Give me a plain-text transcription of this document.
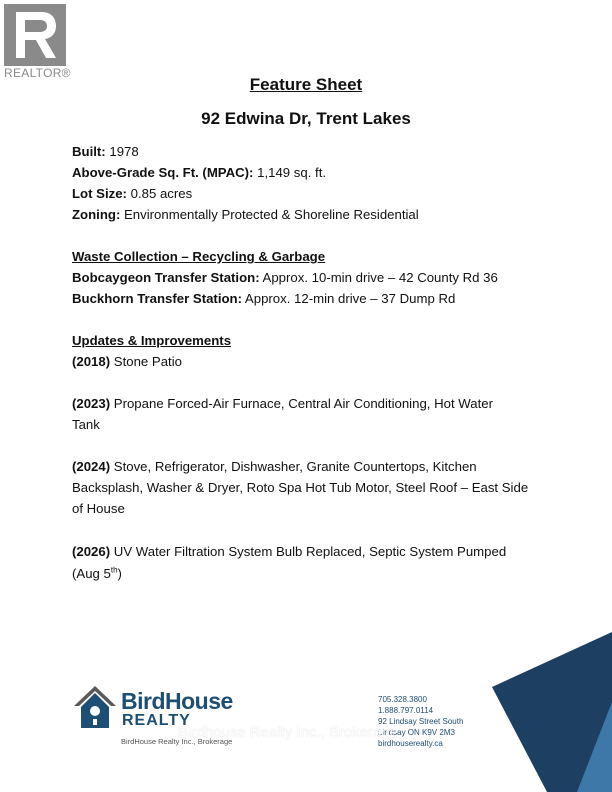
REALTOR®
Feature Sheet
92 Edwina Dr, Trent Lakes
Built: 1978
Above-Grade Sq. Ft. (MPAC): 1,149 sq. ft.
Lot Size: 0.85 acres
Zoning: Environmentally Protected & Shoreline Residential
Waste Collection – Recycling & Garbage
Bobcaygeon Transfer Station: Approx. 10-min drive – 42 County Rd 36
Buckhorn Transfer Station: Approx. 12-min drive – 37 Dump Rd
Updates & Improvements
(2018) Stone Patio
(2023) Propane Forced-Air Furnace, Central Air Conditioning, Hot Water
Tank
(2024) Stove, Refrigerator, Dishwasher, Granite Countertops, Kitchen
Backsplash, Washer & Dryer, Roto Spa Hot Tub Motor, Steel Roof – East Side
of House
(2026) UV Water Filtration System Bulb Replaced, Septic System Pumped
(Aug 5th)
BirdHouse
REALTY
BirdHouse Realty Inc., Brokerage
705.328.3800
1.888.797.0114
92 Lindsay Street South
Lindsay ON K9V 2M3
birdhouserealty.ca
Birdhouse Realty Inc., Brokerage
